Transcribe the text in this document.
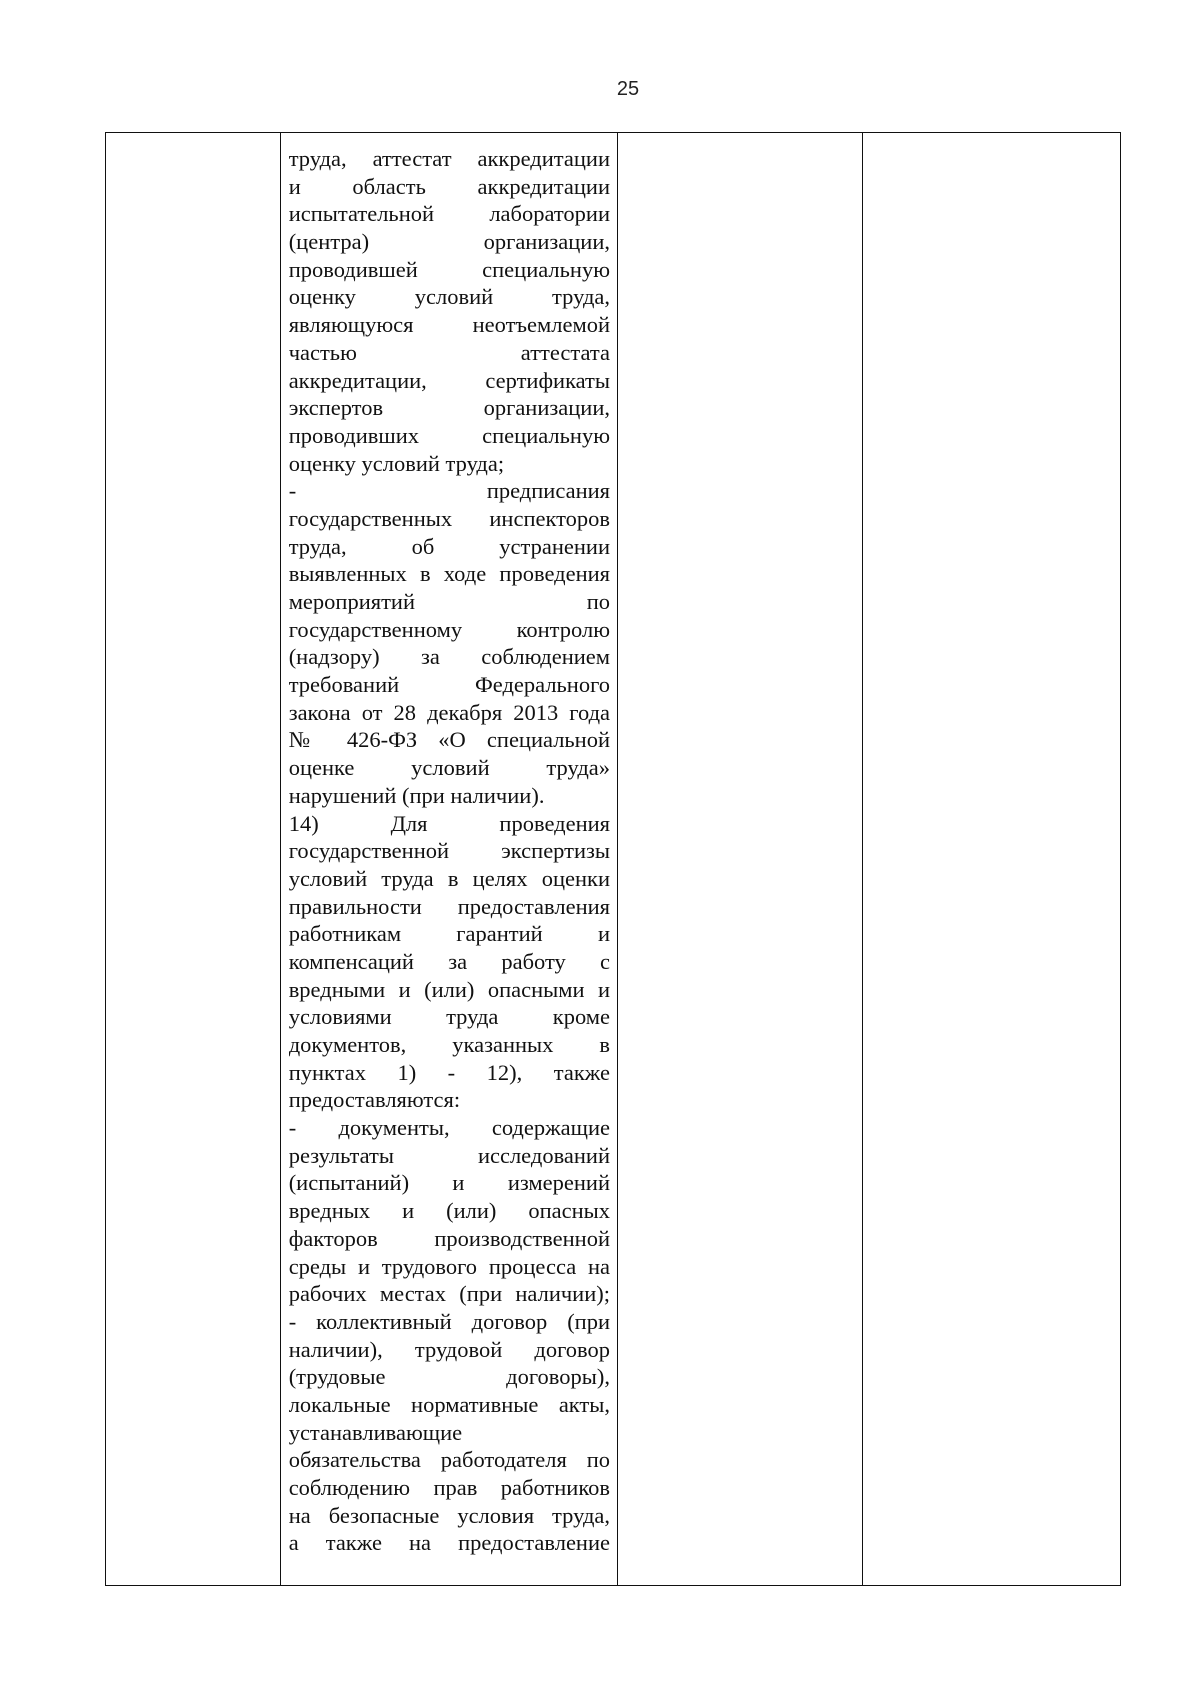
25

труда, аттестат аккредитации
и область аккредитации
испытательной лаборатории
(центра) организации,
проводившей специальную
оценку условий труда,
являющуюся неотъемлемой
частью аттестата
аккредитации, сертификаты
экспертов организации,
проводивших специальную
оценку условий труда;
- предписания
государственных инспекторов
труда, об устранении
выявленных в ходе проведения
мероприятий по
государственному контролю
(надзору) за соблюдением
требований Федерального
закона от 28 декабря 2013 года
№ 426-ФЗ «О специальной
оценке условий труда»
нарушений (при наличии).
14) Для проведения
государственной экспертизы
условий труда в целях оценки
правильности предоставления
работникам гарантий и
компенсаций за работу с
вредными и (или) опасными и
условиями труда кроме
документов, указанных в
пунктах 1) - 12), также
предоставляются:
- документы, содержащие
результаты исследований
(испытаний) и измерений
вредных и (или) опасных
факторов производственной
среды и трудового процесса на
рабочих местах (при наличии);
- коллективный договор (при
наличии), трудовой договор
(трудовые договоры),
локальные нормативные акты,
устанавливающие
обязательства работодателя по
соблюдению прав работников
на безопасные условия труда,
а также на предоставление
